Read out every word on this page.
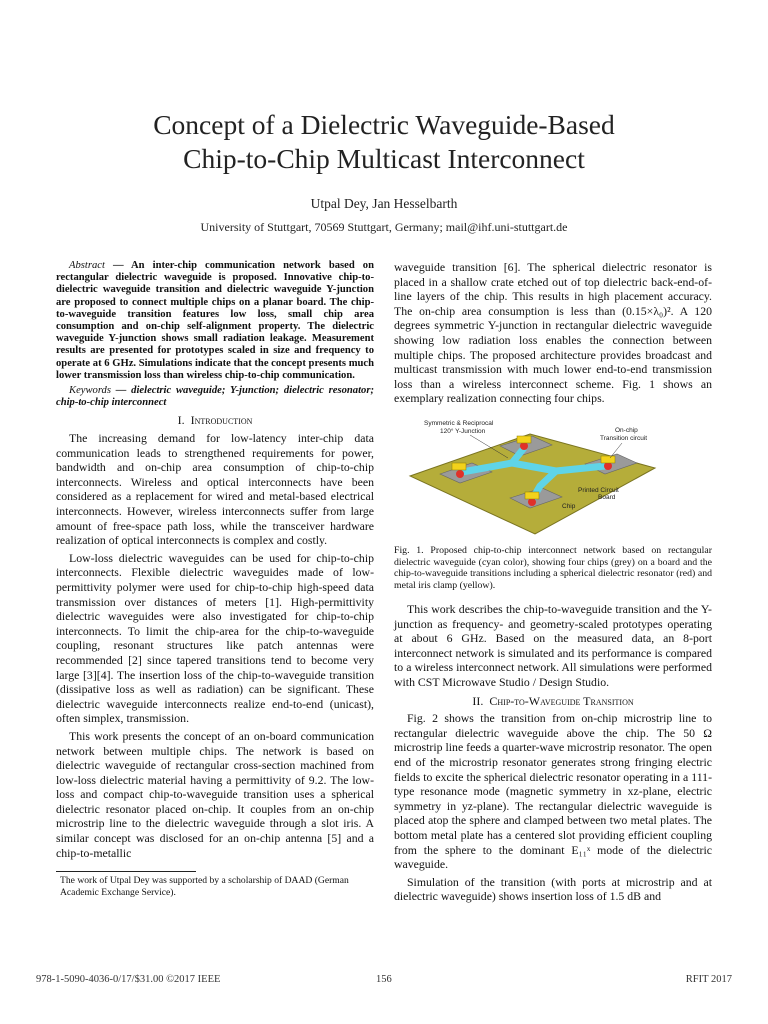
Concept of a Dielectric Waveguide-Based
Chip-to-Chip Multicast Interconnect
Utpal Dey, Jan Hesselbarth
University of Stuttgart, 70569 Stuttgart, Germany; mail@ihf.uni-stuttgart.de

Abstract — An inter-chip communication network based on rectangular dielectric waveguide is proposed. Innovative chip-to-dielectric waveguide transition and dielectric waveguide Y-junction are proposed to connect multiple chips on a planar board. The chip-to-waveguide transition features low loss, small chip area consumption and on-chip self-alignment property. The dielectric waveguide Y-junction shows small radiation leakage. Measurement results are presented for prototypes scaled in size and frequency to operate at 6 GHz. Simulations indicate that the concept presents much lower transmission loss than wireless chip-to-chip communication.

Keywords — dielectric waveguide; Y-junction; dielectric resonator; chip-to-chip interconnect

I. Introduction

The increasing demand for low-latency inter-chip data communication leads to strengthened requirements for power, bandwidth and on-chip area consumption of chip-to-chip interconnects. Wireless and optical interconnects have been considered as a replacement for wired and metal-based electrical interconnects. However, wireless interconnects suffer from large amount of free-space path loss, while the transceiver hardware realization of optical interconnects is complex and costly.

Low-loss dielectric waveguides can be used for chip-to-chip interconnects. Flexible dielectric waveguides made of low-permittivity polymer were used for chip-to-chip high-speed data transmission over distances of meters [1]. High-permittivity dielectric waveguides were also investigated for chip-to-chip interconnects. To limit the chip-area for the chip-to-waveguide coupling, resonant structures like patch antennas were recommended [2] since tapered transitions tend to become very large [3][4]. The insertion loss of the chip-to-waveguide transition (dissipative loss as well as radiation) can be significant. These dielectric waveguide interconnects realize end-to-end (unicast), often simplex, transmission.

This work presents the concept of an on-board communication network between multiple chips. The network is based on dielectric waveguide of rectangular cross-section machined from low-loss dielectric material having a permittivity of 9.2. The low-loss and compact chip-to-waveguide transition uses a spherical dielectric resonator placed on-chip. It couples from an on-chip microstrip line to the dielectric waveguide through a slot iris. A similar concept was disclosed for an on-chip antenna [5] and a chip-to-metallic

waveguide transition [6]. The spherical dielectric resonator is placed in a shallow crate etched out of top dielectric back-end-of-line layers of the chip. This results in high placement accuracy. The on-chip area consumption is less than (0.15×λ₀)². A 120 degrees symmetric Y-junction in rectangular dielectric waveguide showing low radiation loss enables the connection between multiple chips. The proposed architecture provides broadcast and multicast transmission with much lower end-to-end transmission loss than a wireless interconnect scheme. Fig. 1 shows an exemplary realization connecting four chips.

Symmetric & Reciprocal
120° Y-Junction	On-chip
Transition circuit
Printed Circuit
Board
Chip
Fig. 1. Proposed chip-to-chip interconnect network based on rectangular dielectric waveguide (cyan color), showing four chips (grey) on a board and the chip-to-waveguide transitions including a spherical dielectric resonator (red) and metal iris clamp (yellow).

This work describes the chip-to-waveguide transition and the Y-junction as frequency- and geometry-scaled prototypes operating at about 6 GHz. Based on the measured data, an 8-port interconnect network is simulated and its performance is compared to a wireless interconnect network. All simulations were performed with CST Microwave Studio / Design Studio.

II. Chip-to-Waveguide Transition

Fig. 2 shows the transition from on-chip microstrip line to rectangular dielectric waveguide above the chip. The 50 Ω microstrip line feeds a quarter-wave microstrip resonator. The open end of the microstrip resonator generates strong fringing electric fields to excite the spherical dielectric resonator operating in a 111-type resonance mode (magnetic symmetry in xz-plane, electric symmetry in yz-plane). The rectangular dielectric waveguide is placed atop the sphere and clamped between two metal plates. The bottom metal plate has a centered slot providing efficient coupling from the sphere to the dominant E₁₁ˣ mode of the dielectric waveguide.

Simulation of the transition (with ports at microstrip and at dielectric waveguide) shows insertion loss of 1.5 dB and

The work of Utpal Dey was supported by a scholarship of DAAD (German Academic Exchange Service).
978-1-5090-4036-0/17/$31.00 ©2017 IEEE	156	RFIT 2017
